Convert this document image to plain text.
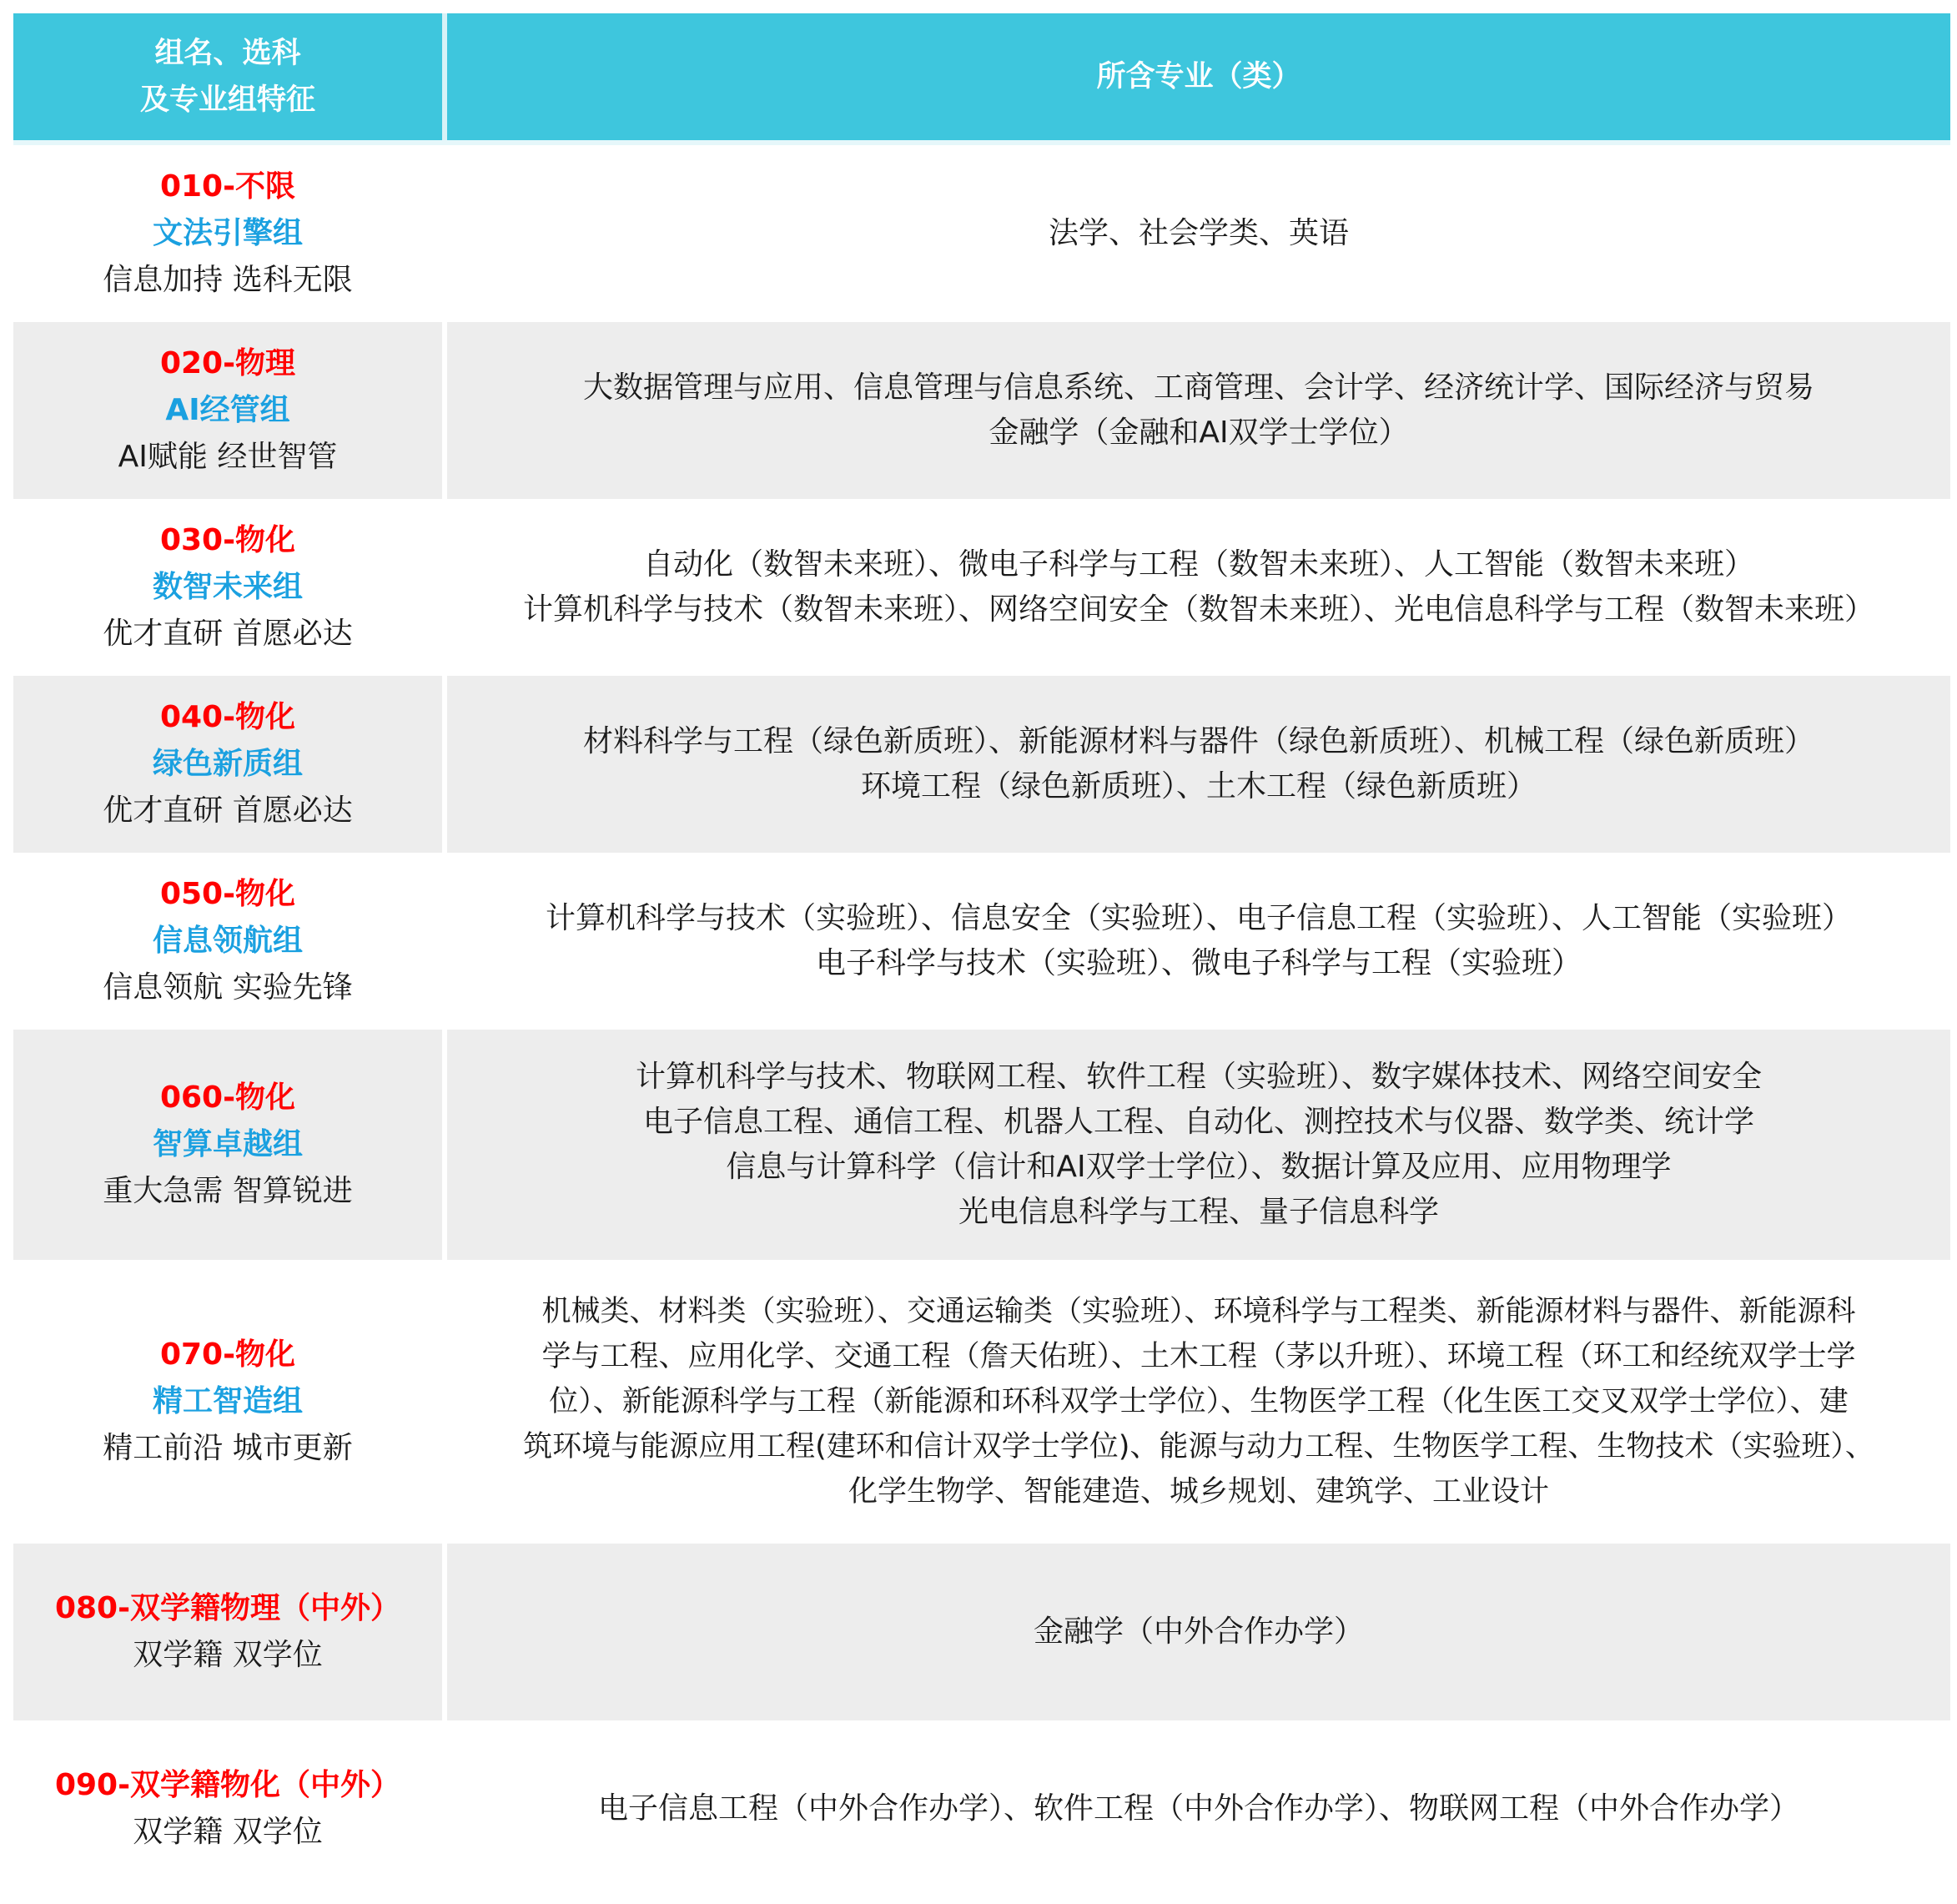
组名、选科
及专业组特征
所含专业（类）
010-不限
文法引擎组
信息加持 选科无限
法学、社会学类、英语
020-物理
AI经管组
AI赋能 经世智管
大数据管理与应用、信息管理与信息系统、工商管理、会计学、经济统计学、国际经济与贸易
金融学（金融和AI双学士学位）
030-物化
数智未来组
优才直研 首愿必达
自动化（数智未来班）、微电子科学与工程（数智未来班）、人工智能（数智未来班）
计算机科学与技术（数智未来班）、网络空间安全（数智未来班）、光电信息科学与工程（数智未来班）
040-物化
绿色新质组
优才直研 首愿必达
材料科学与工程（绿色新质班）、新能源材料与器件（绿色新质班）、机械工程（绿色新质班）
环境工程（绿色新质班）、土木工程（绿色新质班）
050-物化
信息领航组
信息领航 实验先锋
计算机科学与技术（实验班）、信息安全（实验班）、电子信息工程（实验班）、人工智能（实验班）
电子科学与技术（实验班）、微电子科学与工程（实验班）
060-物化
智算卓越组
重大急需 智算锐进
计算机科学与技术、物联网工程、软件工程（实验班）、数字媒体技术、网络空间安全
电子信息工程、通信工程、机器人工程、自动化、测控技术与仪器、数学类、统计学
信息与计算科学（信计和AI双学士学位）、数据计算及应用、应用物理学
光电信息科学与工程、量子信息科学
070-物化
精工智造组
精工前沿 城市更新
机械类、材料类（实验班）、交通运输类（实验班）、环境科学与工程类、新能源材料与器件、新能源科
学与工程、应用化学、交通工程（詹天佑班）、土木工程（茅以升班）、环境工程（环工和经统双学士学
位）、新能源科学与工程（新能源和环科双学士学位）、生物医学工程（化生医工交叉双学士学位）、建
筑环境与能源应用工程(建环和信计双学士学位)、能源与动力工程、生物医学工程、生物技术（实验班）、
化学生物学、智能建造、城乡规划、建筑学、工业设计
080-双学籍物理（中外）
双学籍 双学位
金融学（中外合作办学）
090-双学籍物化（中外）
双学籍 双学位
电子信息工程（中外合作办学）、软件工程（中外合作办学）、物联网工程（中外合作办学）
